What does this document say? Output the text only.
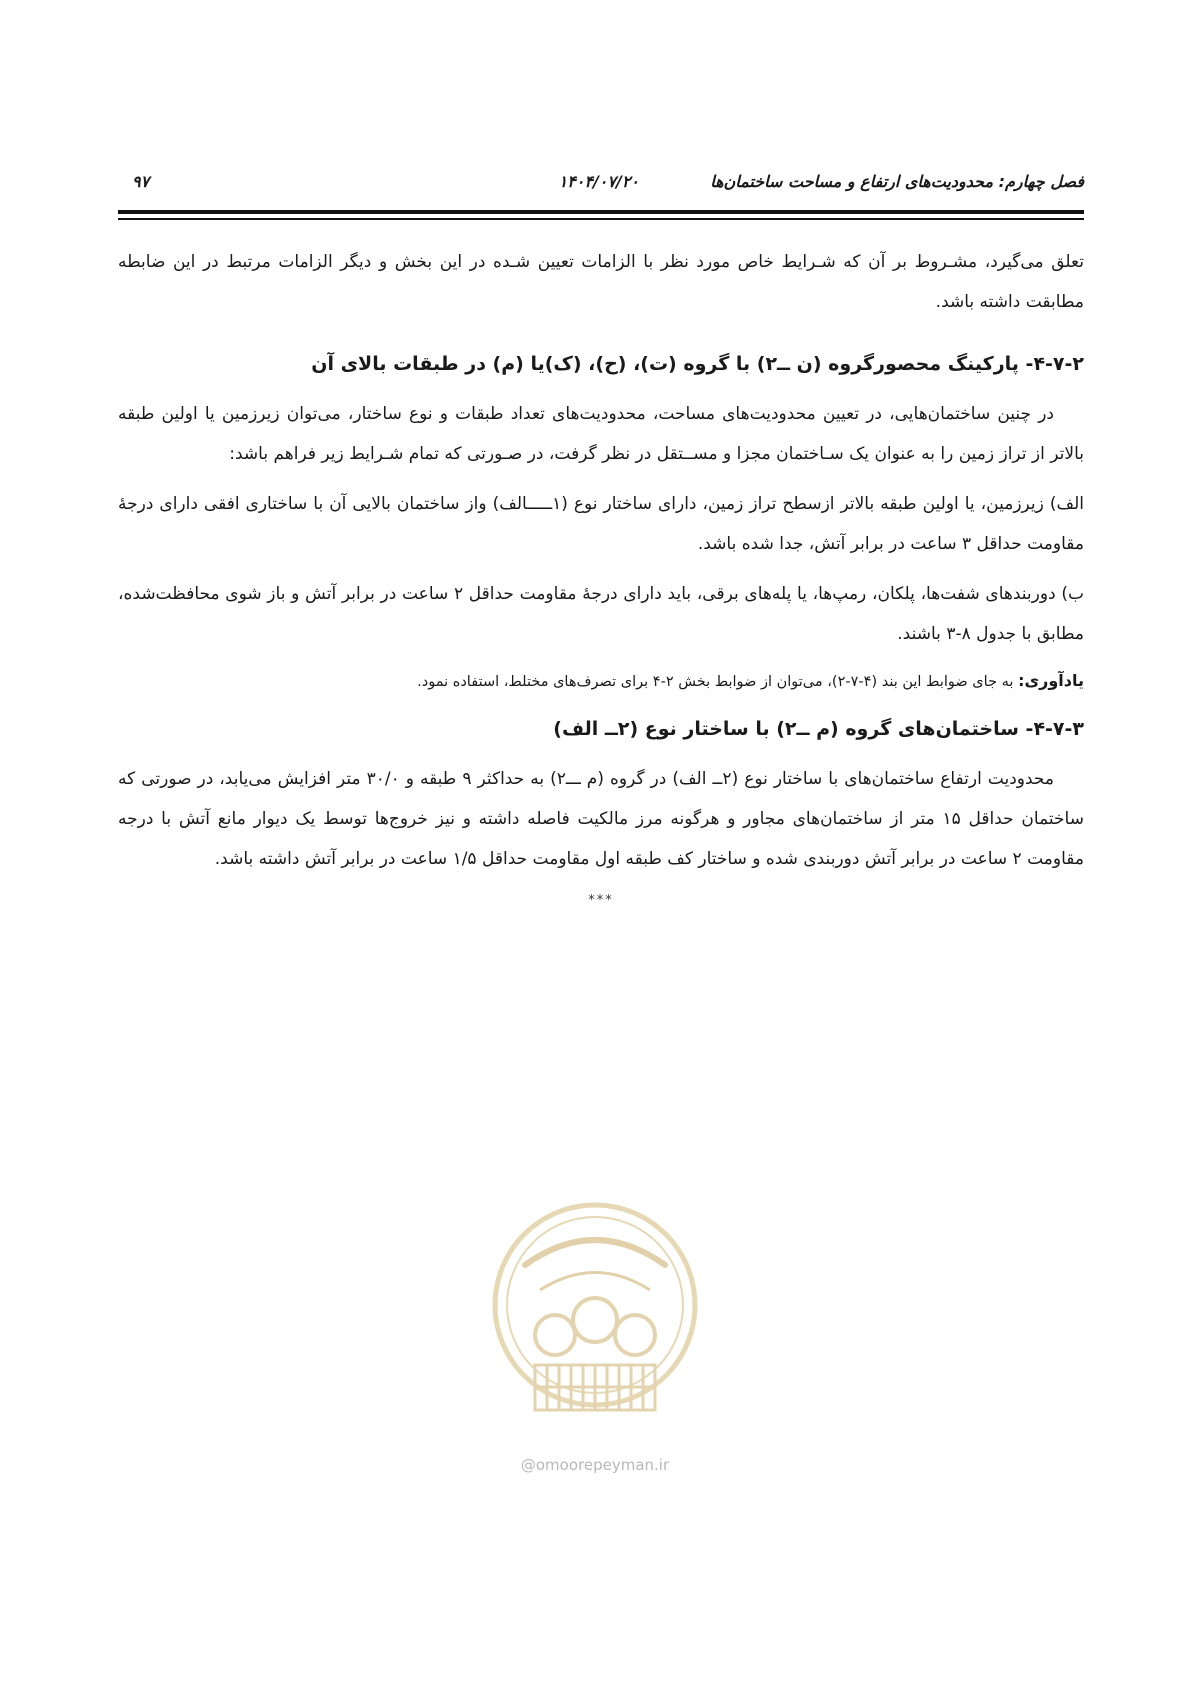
فصل چهارم: محدودیت‌های ارتفاع و مساحت ساختمان‌ها
۱۴۰۴/۰۷/۲۰
۹۷

تعلق می‌گیرد، مشـروط بر آن که شـرایط خاص مورد نظر با الزامات تعیین شـده در این بخش و دیگر الزامات مرتبط در این ضابطه مطابقت داشته باشد.

۴-۷-۲- پارکینگ محصورگروه (ن ــ۲) با گروه (ت)، (ح)، (ک)یا (م) در طبقات بالای آن

در چنین ساختمان‌هایی، در تعیین محدودیت‌های مساحت، محدودیت‌های تعداد طبقات و نوع ساختار، می‌توان زیرزمین یا اولین طبقه بالاتر از تراز زمین را به عنوان یک سـاختمان مجزا و مســتقل در نظر گرفت، در صـورتی که تمام شـرایط زیر فراهم باشد:

الف) زیرزمین، یا اولین طبقه بالاتر ازسطح تراز زمین، دارای ساختار نوع (۱ـــــالف) واز ساختمان بالایی آن با ساختاری افقی دارای درجهٔ مقاومت حداقل ۳ ساعت در برابر آتش، جدا شده باشد.

ب) دوربندهای شفت‌ها، پلکان، رمپ‌ها، یا پله‌های برقی، باید دارای درجهٔ مقاومت حداقل ۲ ساعت در برابر آتش و باز شوی محافظت‌شده، مطابق با جدول ۸-۳ باشند.

یادآوری: به جای ضوابط این بند (۴-۷-۲)، می‌توان از ضوابط بخش ۲-۴ برای تصرف‌های مختلط، استفاده نمود.

۴-۷-۳- ساختمان‌های گروه (م ــ۲) با ساختار نوع (۲ــ الف)

محدودیت ارتفاع ساختمان‌های با ساختار نوع (۲ــ الف) در گروه (م ـــ۲) به حداکثر ۹ طبقه و ۳۰/۰ متر افزایش می‌یابد، در صورتی که ساختمان حداقل ۱۵ متر از ساختمان‌های مجاور و هرگونه مرز مالکیت فاصله داشته و نیز خروج‌ها توسط یک دیوار مانع آتش با درجه مقاومت ۲ ساعت در برابر آتش دوربندی شده و ساختار کف طبقه اول مقاومت حداقل ۱/۵ ساعت در برابر آتش داشته باشد.

***
@omoorepeyman.ir
